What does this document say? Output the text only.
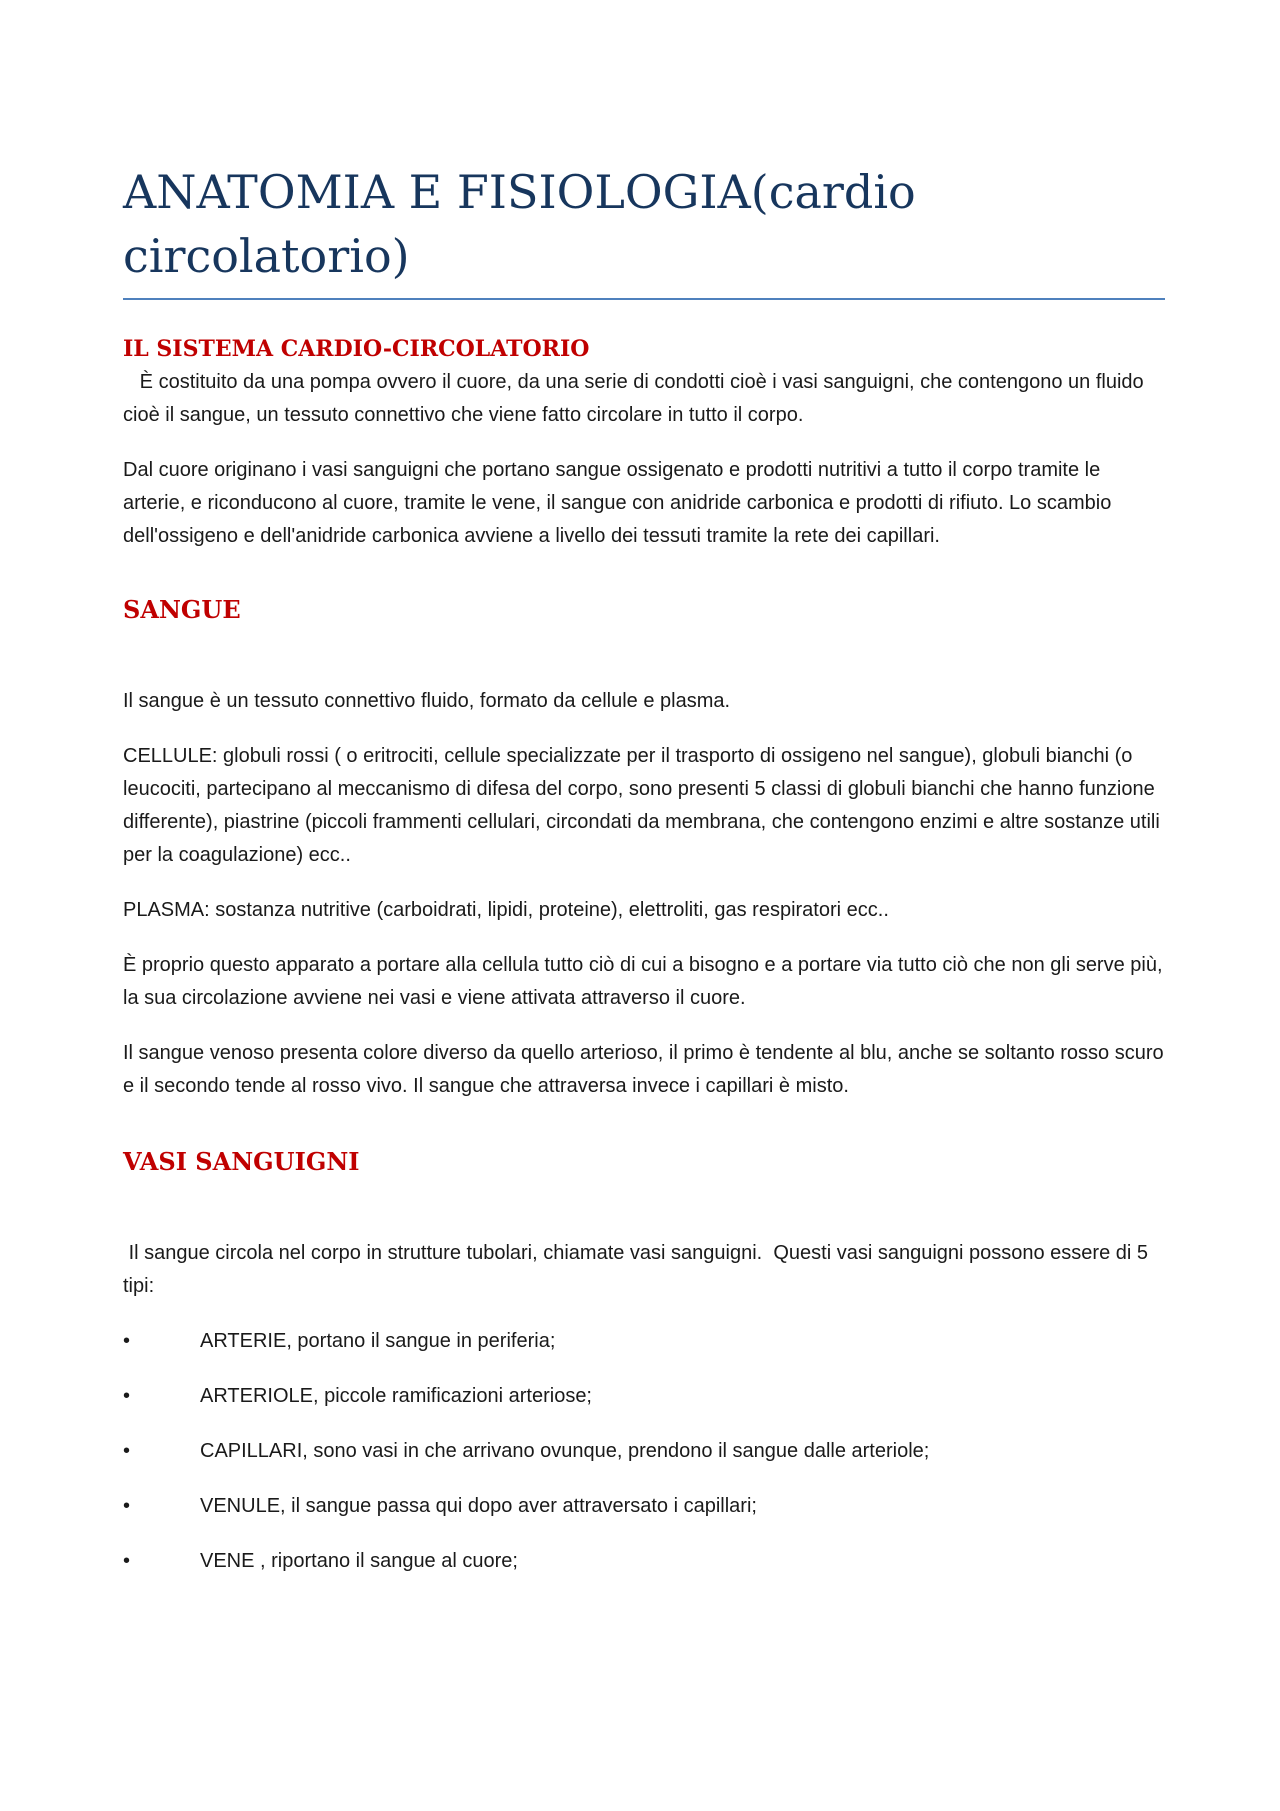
ANATOMIA E FISIOLOGIA(cardio circolatorio)
IL SISTEMA CARDIO-CIRCOLATORIO

È costituito da una pompa ovvero il cuore, da una serie di condotti cioè i vasi sanguigni, che contengono un fluido cioè il sangue, un tessuto connettivo che viene fatto circolare in tutto il corpo.

Dal cuore originano i vasi sanguigni che portano sangue ossigenato e prodotti nutritivi a tutto il corpo tramite le arterie, e riconducono al cuore, tramite le vene, il sangue con anidride carbonica e prodotti di rifiuto. Lo scambio dell'ossigeno e dell'anidride carbonica avviene a livello dei tessuti tramite la rete dei capillari.

SANGUE

Il sangue è un tessuto connettivo fluido, formato da cellule e plasma.

CELLULE: globuli rossi ( o eritrociti, cellule specializzate per il trasporto di ossigeno nel sangue), globuli bianchi (o leucociti, partecipano al meccanismo di difesa del corpo, sono presenti 5 classi di globuli bianchi che hanno funzione differente), piastrine (piccoli frammenti cellulari, circondati da membrana, che contengono enzimi e altre sostanze utili per la coagulazione) ecc..

PLASMA: sostanza nutritive (carboidrati, lipidi, proteine), elettroliti, gas respiratori ecc..

È proprio questo apparato a portare alla cellula tutto ciò di cui a bisogno e a portare via tutto ciò che non gli serve più, la sua circolazione avviene nei vasi e viene attivata attraverso il cuore.

Il sangue venoso presenta colore diverso da quello arterioso, il primo è tendente al blu, anche se soltanto rosso scuro e il secondo tende al rosso vivo. Il sangue che attraversa invece i capillari è misto.

VASI SANGUIGNI

Il sangue circola nel corpo in strutture tubolari, chiamate vasi sanguigni.  Questi vasi sanguigni possono essere di 5 tipi:

•	ARTERIE, portano il sangue in periferia;
•	ARTERIOLE, piccole ramificazioni arteriose;
•	CAPILLARI, sono vasi in che arrivano ovunque, prendono il sangue dalle arteriole;
•	VENULE, il sangue passa qui dopo aver attraversato i capillari;
•	VENE , riportano il sangue al cuore;
